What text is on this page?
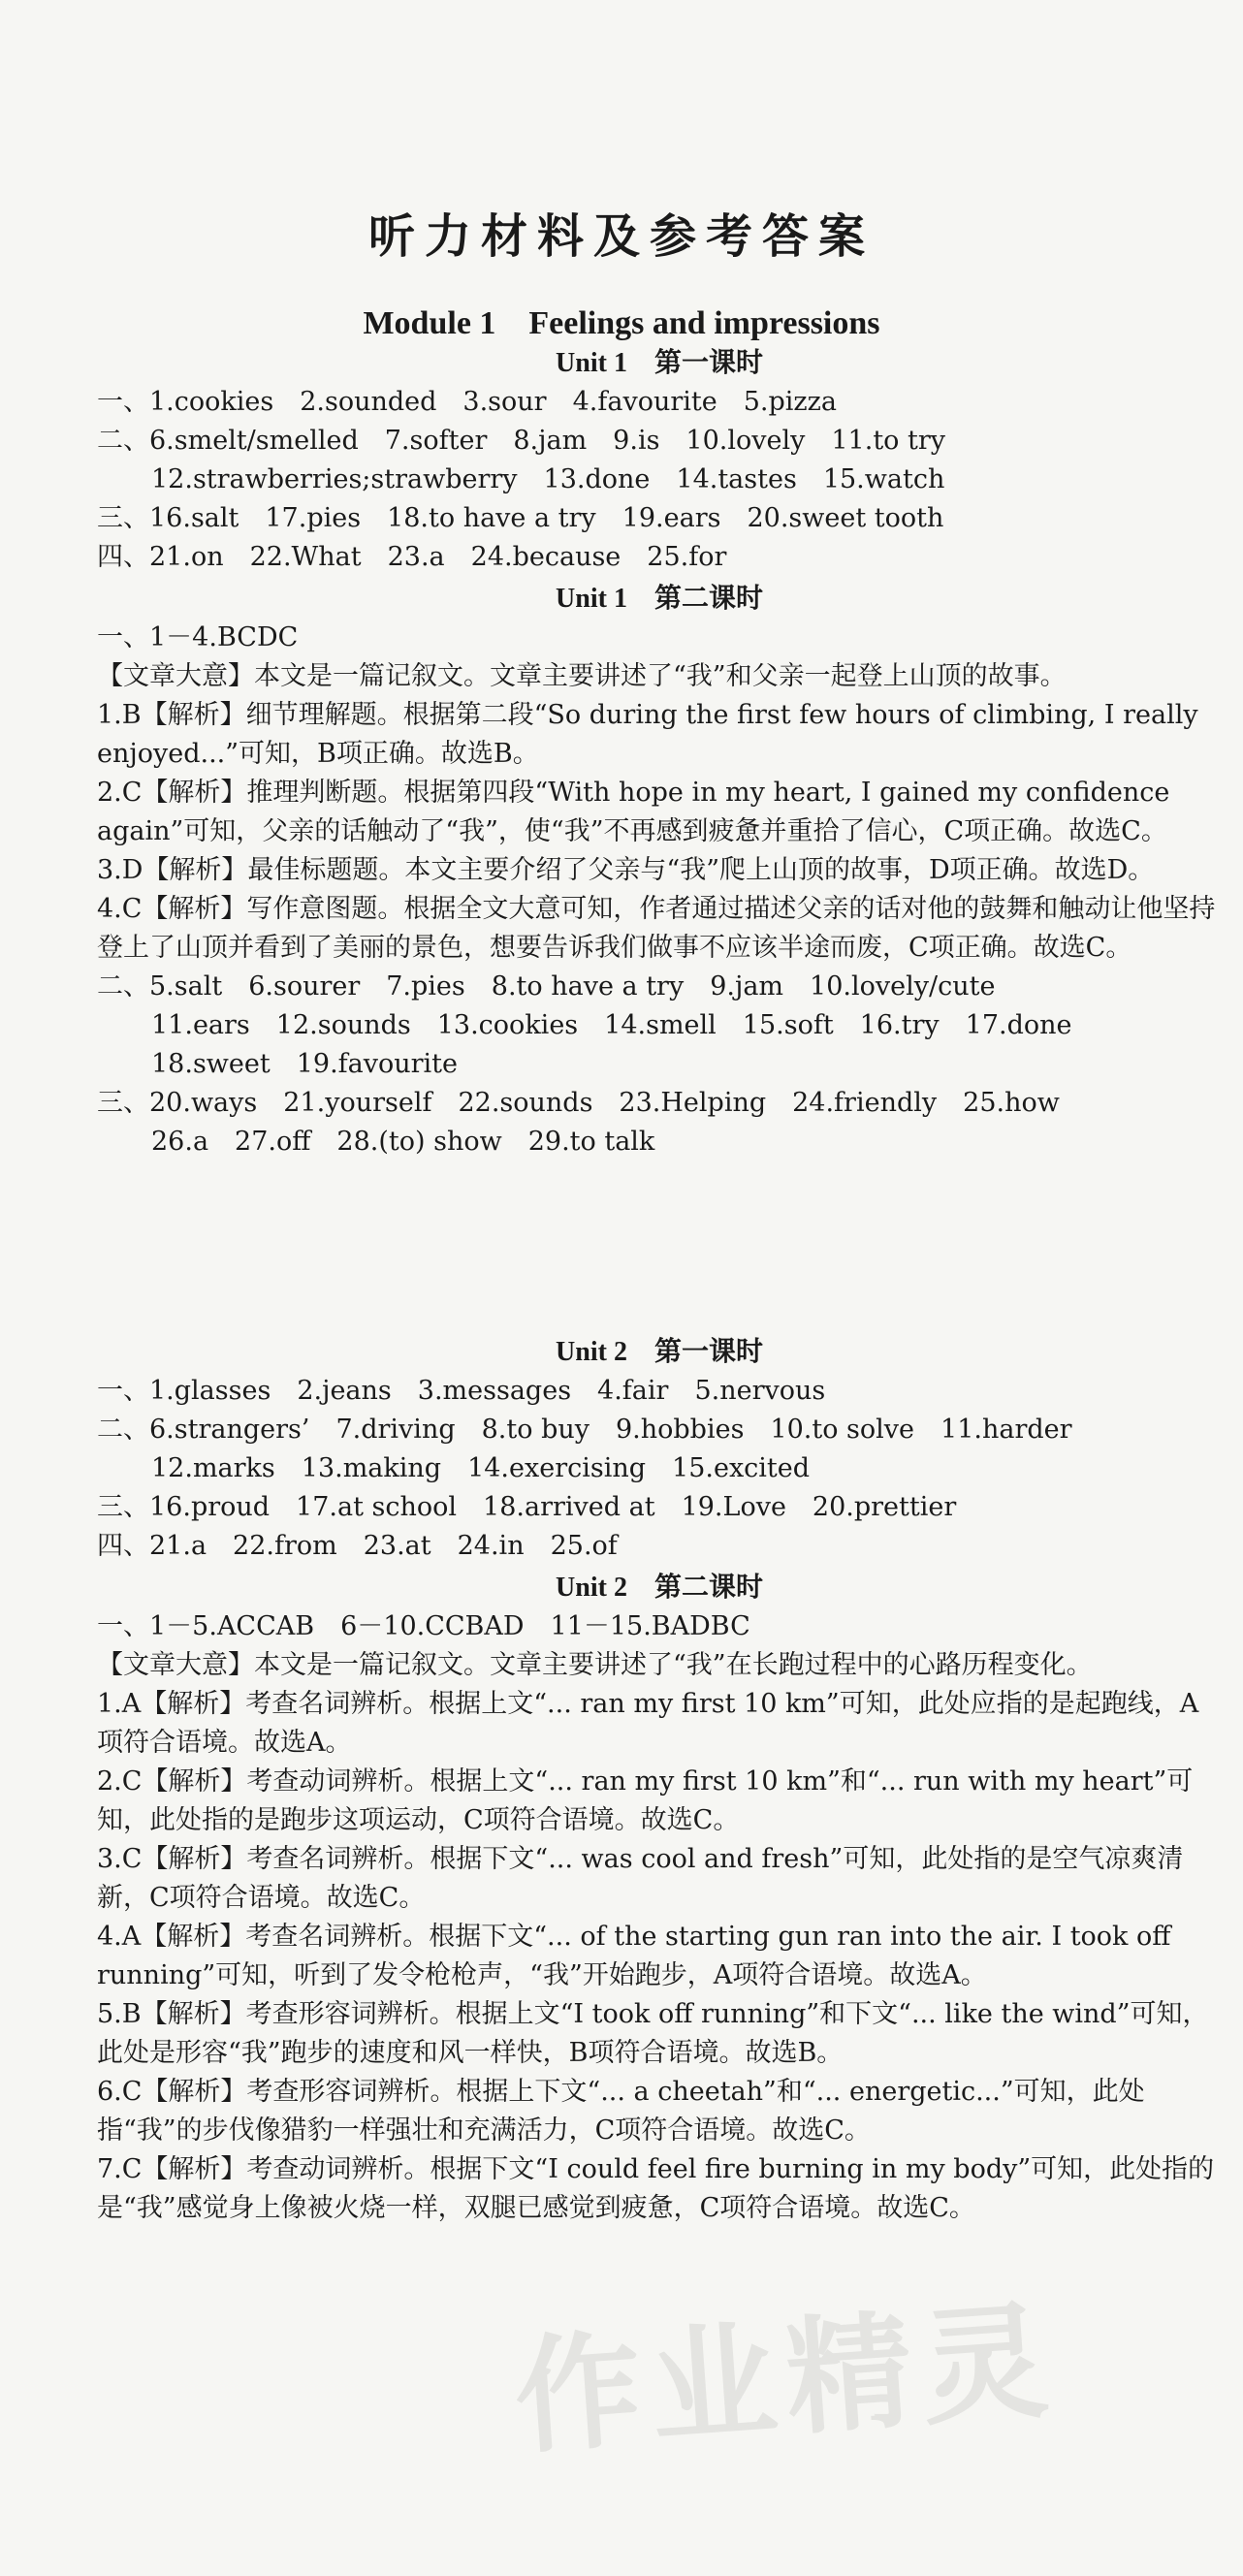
听力材料及参考答案
Module 1　Feelings and impressions
Unit 1　第一课时
一、1.cookies　2.sounded　3.sour　4.favourite　5.pizza
二、6.smelt/smelled　7.softer　8.jam　9.is　10.lovely　11.to try
12.strawberries;strawberry　13.done　14.tastes　15.watch
三、16.salt　17.pies　18.to have a try　19.ears　20.sweet tooth
四、21.on　22.What　23.a　24.because　25.for
Unit 1　第二课时
一、1－4.BCDC

【文章大意】本文是一篇记叙文。文章主要讲述了“我”和父亲一起登上山顶的故事。

1.B【解析】细节理解题。根据第二段“So during the first few hours of climbing, I really enjoyed...”可知，B项正确。故选B。

2.C【解析】推理判断题。根据第四段“With hope in my heart, I gained my confidence again”可知，父亲的话触动了“我”，使“我”不再感到疲惫并重拾了信心，C项正确。故选C。

3.D【解析】最佳标题题。本文主要介绍了父亲与“我”爬上山顶的故事，D项正确。故选D。

4.C【解析】写作意图题。根据全文大意可知，作者通过描述父亲的话对他的鼓舞和触动让他坚持登上了山顶并看到了美丽的景色，想要告诉我们做事不应该半途而废，C项正确。故选C。

二、5.salt　6.sourer　7.pies　8.to have a try　9.jam　10.lovely/cute
11.ears　12.sounds　13.cookies　14.smell　15.soft　16.try　17.done
18.sweet　19.favourite
三、20.ways　21.yourself　22.sounds　23.Helping　24.friendly　25.how
26.a　27.off　28.(to) show　29.to talk
Unit 2　第一课时
一、1.glasses　2.jeans　3.messages　4.fair　5.nervous
二、6.strangers’　7.driving　8.to buy　9.hobbies　10.to solve　11.harder
12.marks　13.making　14.exercising　15.excited
三、16.proud　17.at school　18.arrived at　19.Love　20.prettier
四、21.a　22.from　23.at　24.in　25.of
Unit 2　第二课时
一、1－5.ACCAB　6－10.CCBAD　11－15.BADBC

【文章大意】本文是一篇记叙文。文章主要讲述了“我”在长跑过程中的心路历程变化。

1.A【解析】考查名词辨析。根据上文“... ran my first 10 km”可知，此处应指的是起跑线，A项符合语境。故选A。

2.C【解析】考查动词辨析。根据上文“... ran my first 10 km”和“... run with my heart”可知，此处指的是跑步这项运动，C项符合语境。故选C。

3.C【解析】考查名词辨析。根据下文“... was cool and fresh”可知，此处指的是空气凉爽清新，C项符合语境。故选C。

4.A【解析】考查名词辨析。根据下文“... of the starting gun ran into the air. I took off running”可知，听到了发令枪枪声，“我”开始跑步，A项符合语境。故选A。

5.B【解析】考查形容词辨析。根据上文“I took off running”和下文“... like the wind”可知，此处是形容“我”跑步的速度和风一样快，B项符合语境。故选B。

6.C【解析】考查形容词辨析。根据上下文“... a cheetah”和“... energetic...”可知，此处指“我”的步伐像猎豹一样强壮和充满活力，C项符合语境。故选C。

7.C【解析】考查动词辨析。根据下文“I could feel fire burning in my body”可知，此处指的是“我”感觉身上像被火烧一样，双腿已感觉到疲惫，C项符合语境。故选C。

作业精灵
